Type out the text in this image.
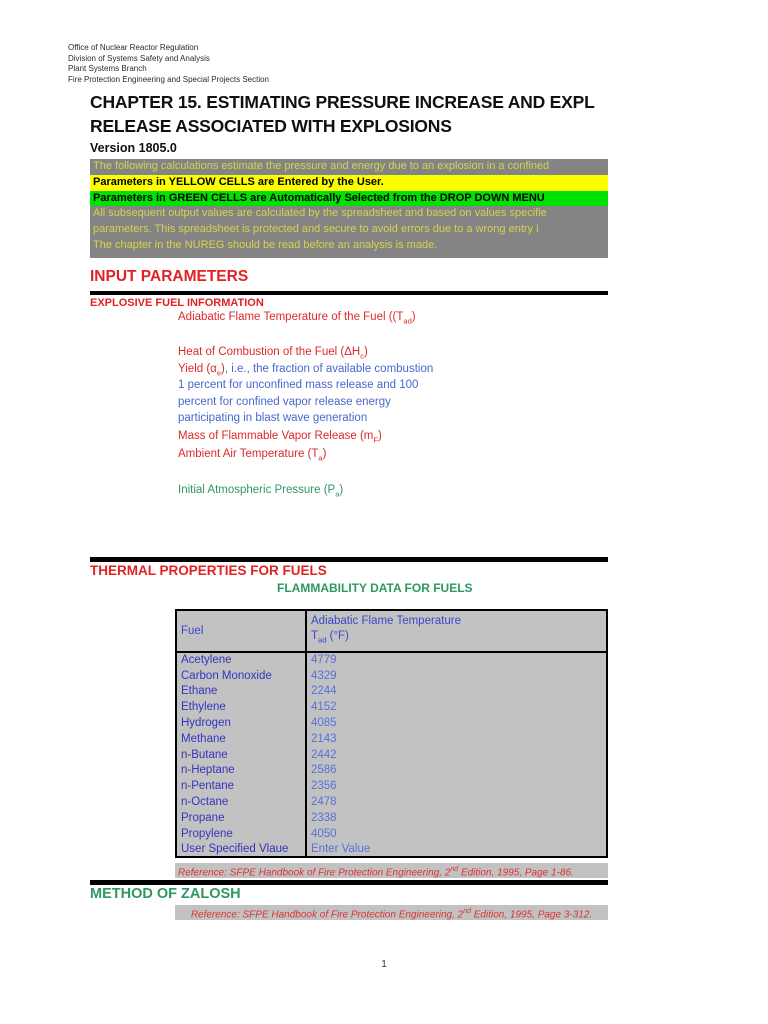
Office of Nuclear Reactor Regulation
Division of Systems Safety and Analysis
Plant Systems Branch
Fire Protection Engineering and Special Projects Section
CHAPTER 15. ESTIMATING PRESSURE INCREASE AND EXPL
RELEASE ASSOCIATED WITH EXPLOSIONS
Version 1805.0
The following calculations estimate the pressure and energy due to an explosion in a confined
Parameters in YELLOW CELLS are Entered by the User.
Parameters in GREEN CELLS are Automatically Selected from the DROP DOWN MENU
All subsequent output values are calculated by the spreadsheet and based on values specifie
parameters. This spreadsheet is protected and secure to avoid errors due to a wrong entry i
The chapter in the NUREG should be read before an analysis is made.
INPUT PARAMETERS
EXPLOSIVE FUEL INFORMATION
Adiabatic Flame Temperature of the Fuel ($(T_{ad})$
Heat of Combustion of the Fuel $(\Delta H_c)$
Yield $(\alpha_e)$, i.e., the fraction of available combustion
1 percent for unconfined mass release and 100
percent for confined vapor release energy
participating in blast wave generation
Mass of Flammable Vapor Release $(m_F)$
Ambient Air Temperature $(T_a)$
Initial Atmospheric Pressure $(P_a)$
THERMAL PROPERTIES FOR FUELS
FLAMMABILITY DATA FOR FUELS
Fuel	Adiabatic Flame Temperature
$T_{ad}$ (°F)

Acetylene	4779
Carbon Monoxide	4329
Ethane	2244
Ethylene	4152
Hydrogen	4085
Methane	2143
n-Butane	2442
n-Heptane	2586
n-Pentane	2356
n-Octane	2478
Propane	2338
Propylene	4050
User Specified Vlaue	Enter Value
Reference: SFPE Handbook of Fire Protection Engineering, 2nd Edition, 1995, Page 1-86.
METHOD OF ZALOSH
Reference: SFPE Handbook of Fire Protection Engineering, 2nd Edition, 1995, Page 3-312.
1
